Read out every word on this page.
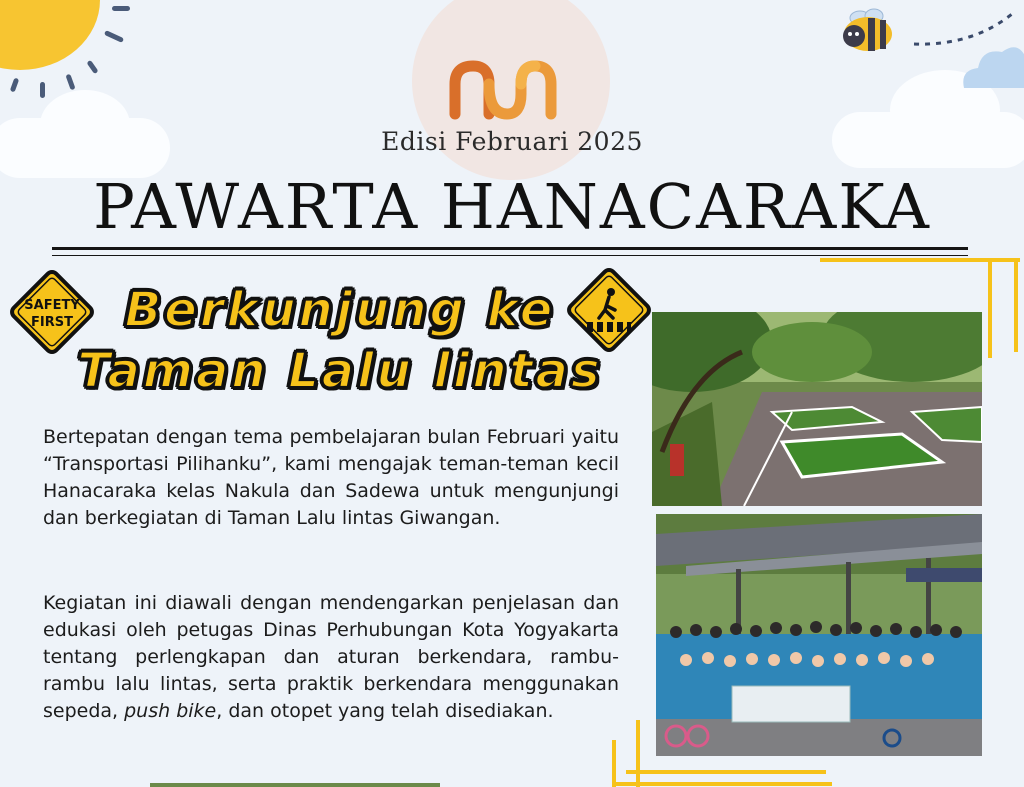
Edisi Februari 2025
PAWARTA HANACARAKA
SAFETY
FIRST	Berkunjung ke
Taman Lalu lintas

Bertepatan dengan tema pembelajaran bulan Februari yaitu “Transportasi Pilihanku”, kami mengajak teman-teman kecil Hanacaraka kelas Nakula dan Sadewa untuk mengunjungi dan berkegiatan di Taman Lalu lintas Giwangan.

Kegiatan ini diawali dengan mendengarkan penjelasan dan edukasi oleh petugas Dinas Perhubungan Kota Yogyakarta tentang perlengkapan dan aturan berkendara, rambu-rambu lalu lintas, serta praktik berkendara menggunakan sepeda, push bike, dan otopet yang telah disediakan.
